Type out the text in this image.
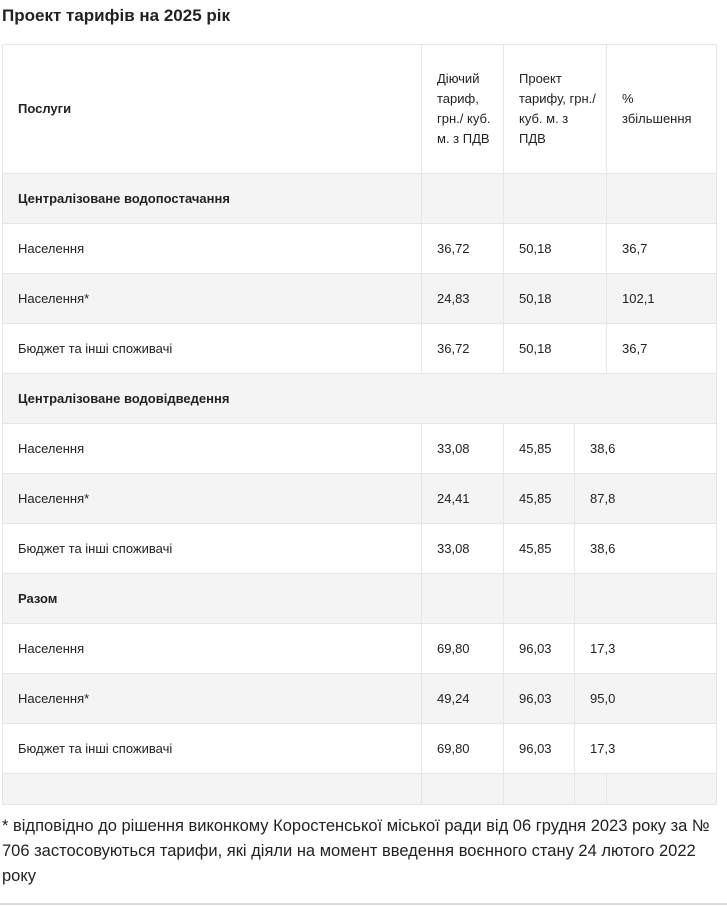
Проект тарифів на 2025 рік
Послуги	Діючий тариф, грн./ куб. м. з ПДВ	Проект тарифу, грн./куб. м. з ПДВ		% збільшення

Централізоване водопостачання				
Населення	36,72	50,18		36,7
Населення*	24,83	50,18		102,1
Бюджет та інші споживачі	36,72	50,18		36,7
Централізоване водовідведення				
Населення	33,08	45,85	38,6	
Населення*	24,41	45,85	87,8	
Бюджет та інші споживачі	33,08	45,85	38,6	
Разом				
Населення	69,80	96,03	17,3	
Населення*	49,24	96,03	95,0	
Бюджет та інші споживачі	69,80	96,03	17,3	

* відповідно до рішення виконкому Коростенської міської ради від 06 грудня 2023 року за № 706 застосовуються тарифи, які діяли на момент введення воєнного стану 24 лютого 2022 року
